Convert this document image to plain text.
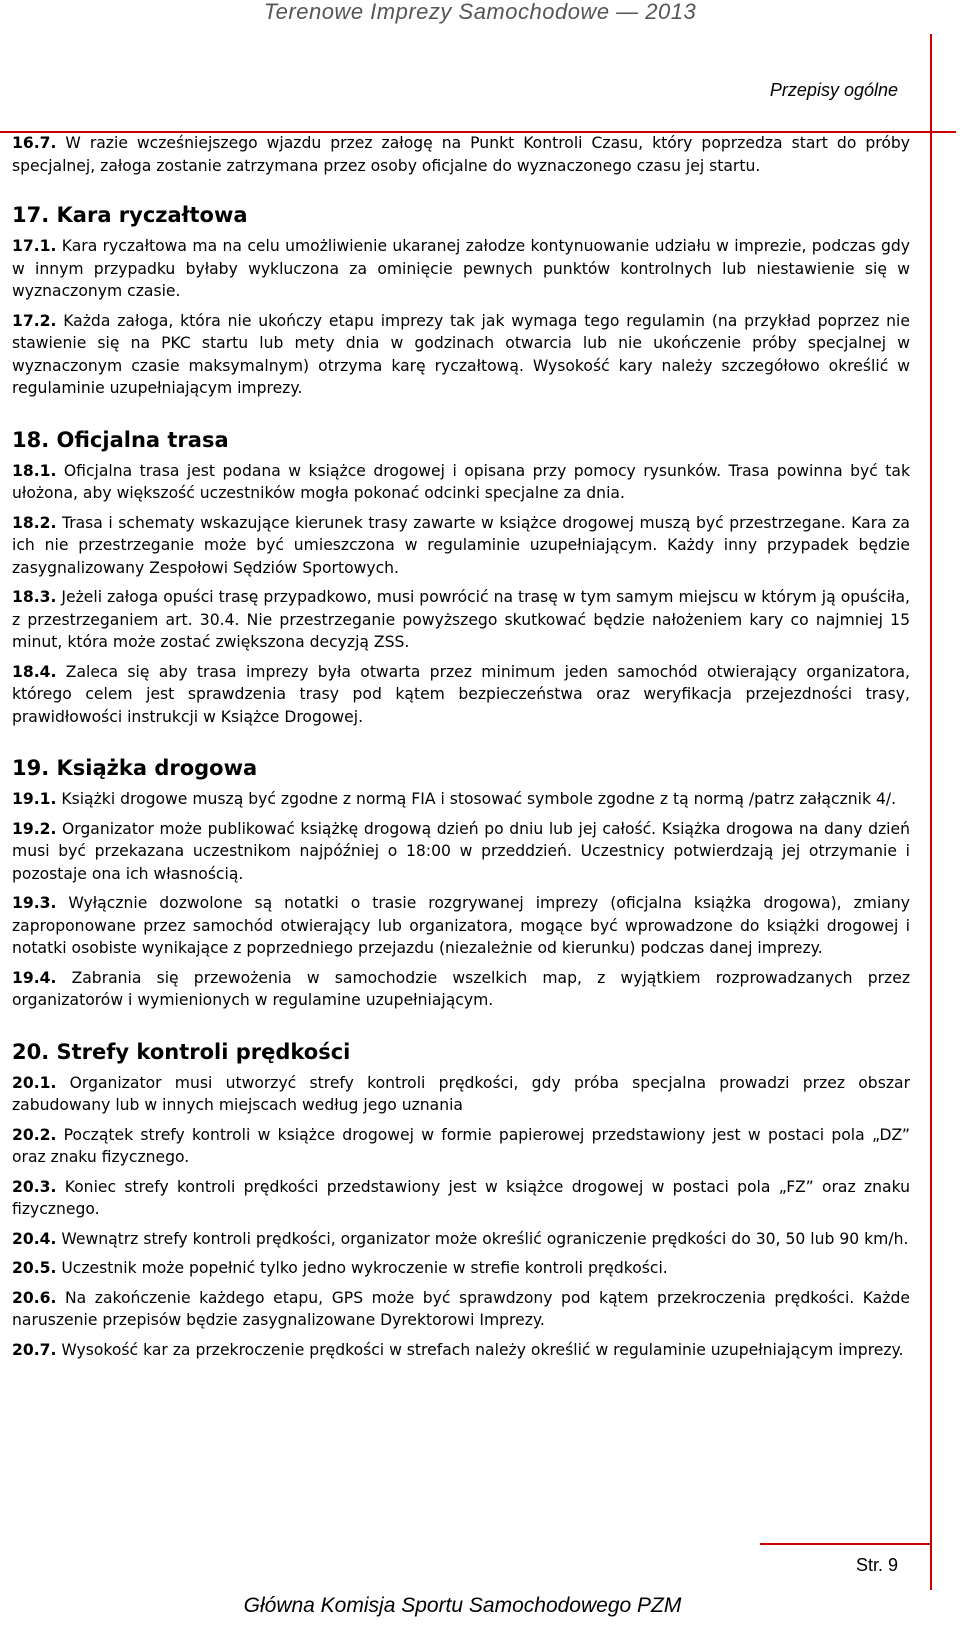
Terenowe Imprezy Samochodowe — 2013
Przepisy ogólne

16.7. W razie wcześniejszego wjazdu przez załogę na Punkt Kontroli Czasu, który poprzedza start do próby specjalnej, załoga zostanie zatrzymana przez osoby oficjalne do wyznaczonego czasu jej startu.

17. Kara ryczałtowa

17.1. Kara ryczałtowa ma na celu umożliwienie ukaranej załodze kontynuowanie udziału w imprezie, podczas gdy w innym przypadku byłaby wykluczona za ominięcie pewnych punktów kontrolnych lub niestawienie się w wyznaczonym czasie.

17.2. Każda załoga, która nie ukończy etapu imprezy tak jak wymaga tego regulamin (na przykład poprzez nie stawienie się na PKC startu lub mety dnia w godzinach otwarcia lub nie ukończenie próby specjalnej w wyznaczonym czasie maksymalnym) otrzyma karę ryczałtową. Wysokość kary należy szczegółowo określić w regulaminie uzupełniającym imprezy.

18. Oficjalna trasa

18.1. Oficjalna trasa jest podana w książce drogowej i opisana przy pomocy rysunków. Trasa powinna być tak ułożona, aby większość uczestników mogła pokonać odcinki specjalne za dnia.

18.2. Trasa i schematy wskazujące kierunek trasy zawarte w książce drogowej muszą być przestrzegane. Kara za ich nie przestrzeganie może być umieszczona w regulaminie uzupełniającym. Każdy inny przypadek będzie zasygnalizowany Zespołowi Sędziów Sportowych.

18.3. Jeżeli załoga opuści trasę przypadkowo, musi powrócić na trasę w tym samym miejscu w którym ją opuściła, z przestrzeganiem art. 30.4. Nie przestrzeganie powyższego skutkować będzie nałożeniem kary co najmniej 15 minut, która może zostać zwiększona decyzją ZSS.

18.4. Zaleca się aby trasa imprezy była otwarta przez minimum jeden samochód otwierający organizatora, którego celem jest sprawdzenia trasy pod kątem bezpieczeństwa oraz weryfikacja przejezdności trasy, prawidłowości instrukcji w Książce Drogowej.

19. Książka drogowa

19.1. Książki drogowe muszą być zgodne z normą FIA i stosować symbole zgodne z tą normą /patrz załącznik 4/.

19.2. Organizator może publikować książkę drogową dzień po dniu lub jej całość. Książka drogowa na dany dzień musi być przekazana uczestnikom najpóźniej o 18:00 w przeddzień. Uczestnicy potwierdzają jej otrzymanie i pozostaje ona ich własnością.

19.3. Wyłącznie dozwolone są notatki o trasie rozgrywanej imprezy (oficjalna książka drogowa), zmiany zaproponowane przez samochód otwierający lub organizatora, mogące być wprowadzone do książki drogowej i notatki osobiste wynikające z poprzedniego przejazdu (niezależnie od kierunku) podczas danej imprezy.

19.4. Zabrania się przewożenia w samochodzie wszelkich map, z wyjątkiem rozprowadzanych przez organizatorów i wymienionych w regulamine uzupełniającym.

20. Strefy kontroli prędkości

20.1. Organizator musi utworzyć strefy kontroli prędkości, gdy próba specjalna prowadzi przez obszar zabudowany lub w innych miejscach według jego uznania

20.2. Początek strefy kontroli w książce drogowej w formie papierowej przedstawiony jest w postaci pola „DZ” oraz znaku fizycznego.

20.3. Koniec strefy kontroli prędkości przedstawiony jest w książce drogowej w postaci pola „FZ” oraz znaku fizycznego.

20.4. Wewnątrz strefy kontroli prędkości, organizator może określić ograniczenie prędkości do 30, 50 lub 90 km/h.

20.5. Uczestnik może popełnić tylko jedno wykroczenie w strefie kontroli prędkości.

20.6. Na zakończenie każdego etapu, GPS może być sprawdzony pod kątem przekroczenia prędkości. Każde naruszenie przepisów będzie zasygnalizowane Dyrektorowi Imprezy.

20.7. Wysokość kar za przekroczenie prędkości w strefach należy określić w regulaminie uzupełniającym imprezy.

Str. 9
Główna Komisja Sportu Samochodowego PZM
